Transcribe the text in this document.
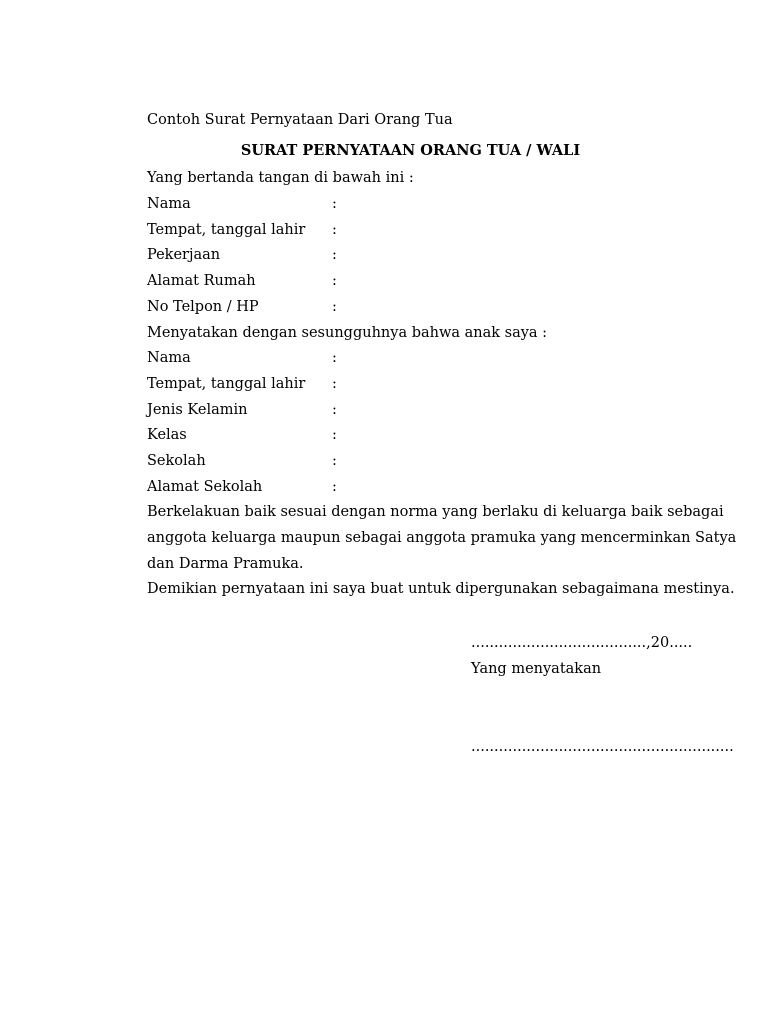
Contoh Surat Pernyataan Dari Orang Tua
SURAT PERNYATAAN ORANG TUA / WALI
Yang bertanda tangan di bawah ini :
Nama	:
Tempat, tanggal lahir :
Pekerjaan	:
Alamat Rumah	:
No Telpon / HP	:
Menyatakan dengan sesungguhnya bahwa anak saya :
Nama	:
Tempat, tanggal lahir :
Jenis Kelamin	:
Kelas	:
Sekolah	:
Alamat Sekolah	:
Berkelakuan baik sesuai dengan norma yang berlaku di keluarga baik sebagai
anggota keluarga maupun sebagai anggota pramuka yang mencerminkan Satya
dan Darma Pramuka.
Demikian pernyataan ini saya buat untuk dipergunakan sebagaimana mestinya.
......................................,20.....
Yang menyatakan
.........................................................
